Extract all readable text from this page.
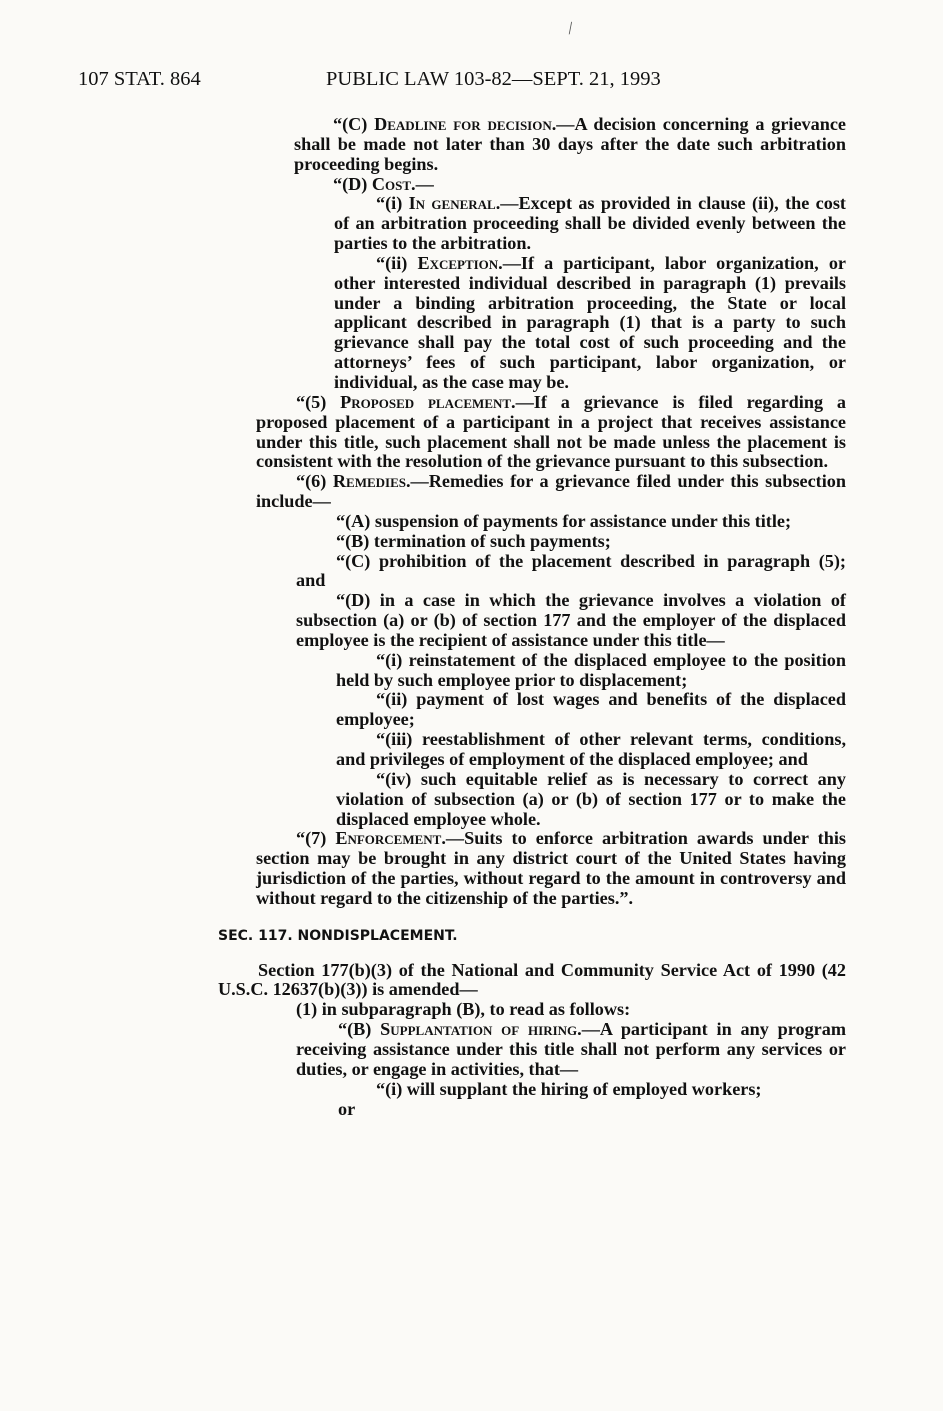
107 STAT. 864	PUBLIC LAW 103-82—SEPT. 21, 1993
/

“(C) Deadline for decision.—A decision concerning a grievance shall be made not later than 30 days after the date such arbitration proceeding begins.

“(D) Cost.—

“(i) In general.—Except as provided in clause (ii), the cost of an arbitration proceeding shall be divided evenly between the parties to the arbitration.

“(ii) Exception.—If a participant, labor organization, or other interested individual described in paragraph (1) prevails under a binding arbitration proceeding, the State or local applicant described in paragraph (1) that is a party to such grievance shall pay the total cost of such proceeding and the attorneys’ fees of such participant, labor organization, or individual, as the case may be.

“(5) Proposed placement.—If a grievance is filed regarding a proposed placement of a participant in a project that receives assistance under this title, such placement shall not be made unless the placement is consistent with the resolution of the grievance pursuant to this subsection.

“(6) Remedies.—Remedies for a grievance filed under this subsection include—

“(A) suspension of payments for assistance under this title;

“(B) termination of such payments;

“(C) prohibition of the placement described in paragraph (5); and

“(D) in a case in which the grievance involves a violation of subsection (a) or (b) of section 177 and the employer of the displaced employee is the recipient of assistance under this title—

“(i) reinstatement of the displaced employee to the position held by such employee prior to displacement;

“(ii) payment of lost wages and benefits of the displaced employee;

“(iii) reestablishment of other relevant terms, conditions, and privileges of employment of the displaced employee; and

“(iv) such equitable relief as is necessary to correct any violation of subsection (a) or (b) of section 177 or to make the displaced employee whole.

“(7) Enforcement.—Suits to enforce arbitration awards under this section may be brought in any district court of the United States having jurisdiction of the parties, without regard to the amount in controversy and without regard to the citizenship of the parties.”.

SEC. 117. NONDISPLACEMENT.

Section 177(b)(3) of the National and Community Service Act of 1990 (42 U.S.C. 12637(b)(3)) is amended—

(1) in subparagraph (B), to read as follows:

“(B) Supplantation of hiring.—A participant in any program receiving assistance under this title shall not perform any services or duties, or engage in activities, that—

“(i) will supplant the hiring of employed workers;

or
